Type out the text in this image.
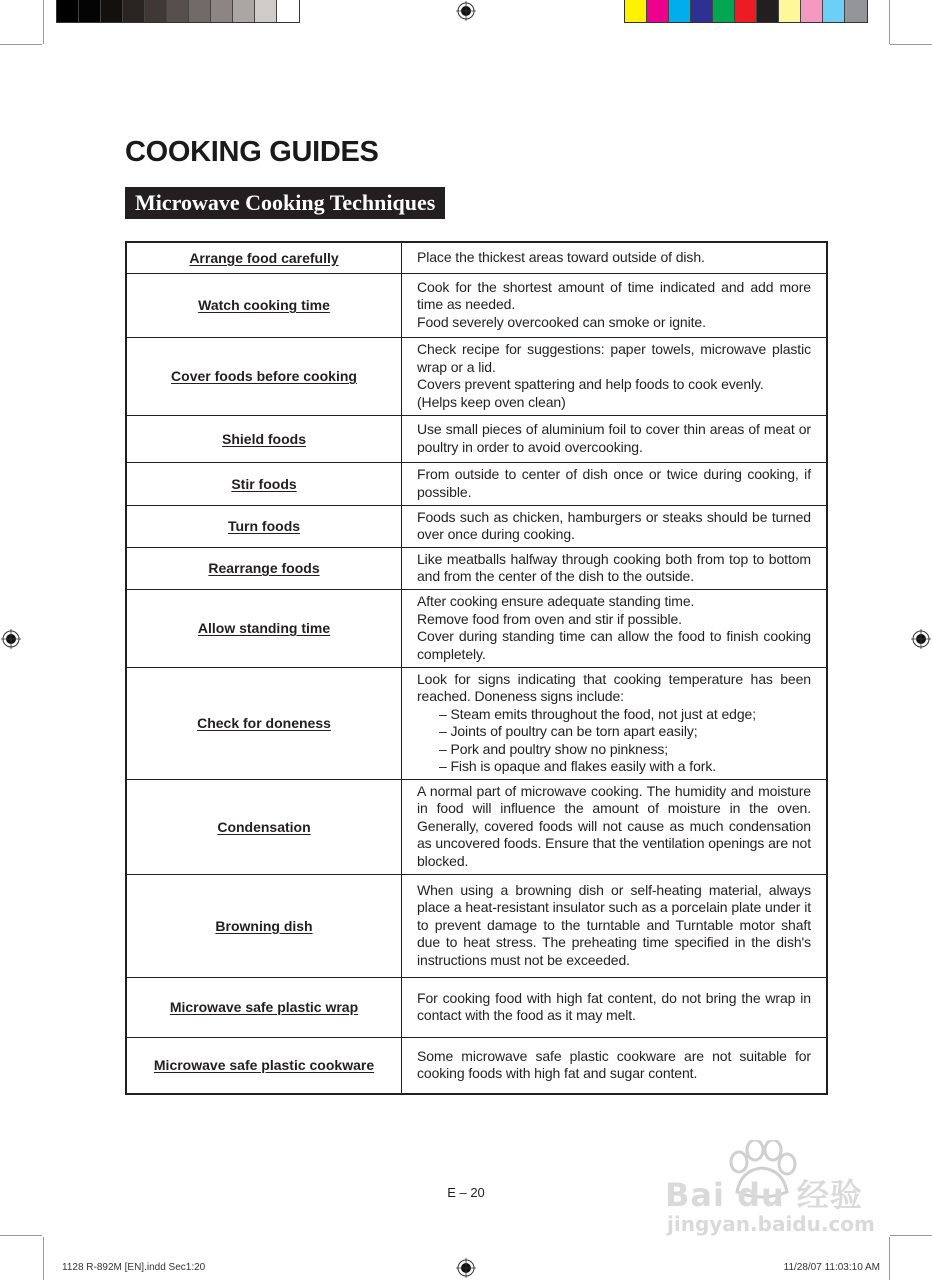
COOKING GUIDES
Microwave Cooking Techniques
Arrange food carefully	Place the thickest areas toward outside of dish.

Watch cooking time	Cook for the shortest amount of time indicated and add more time as needed.
Food severely overcooked can smoke or ignite.

Cover foods before cooking	Check recipe for suggestions: paper towels, microwave plastic wrap or a lid.
Covers prevent spattering and help foods to cook evenly.
(Helps keep oven clean)

Shield foods	Use small pieces of aluminium foil to cover thin areas of meat or poultry in order to avoid overcooking.

Stir foods	From outside to center of dish once or twice during cooking, if possible.

Turn foods	Foods such as chicken, hamburgers or steaks should be turned over once during cooking.

Rearrange foods	Like meatballs halfway through cooking both from top to bottom and from the center of the dish to the outside.

Allow standing time	After cooking ensure adequate standing time.
Remove food from oven and stir if possible.
Cover during standing time can allow the food to finish cooking completely.

Check for doneness	Look for signs indicating that cooking temperature has been reached. Doneness signs include:
– Steam emits throughout the food, not just at edge;
– Joints of poultry can be torn apart easily;
– Pork and poultry show no pinkness;
– Fish is opaque and flakes easily with a fork.

Condensation	A normal part of microwave cooking. The humidity and moisture in food will influence the amount of moisture in the oven. Generally, covered foods will not cause as much condensation as uncovered foods. Ensure that the ventilation openings are not blocked.

Browning dish	When using a browning dish or self-heating material, always place a heat-resistant insulator such as a porcelain plate under it to prevent damage to the turntable and Turntable motor shaft due to heat stress. The preheating time specified in the dish's instructions must not be exceeded.

Microwave safe plastic wrap	For cooking food with high fat content, do not bring the wrap in contact with the food as it may melt.

Microwave safe plastic cookware	Some microwave safe plastic cookware are not suitable for cooking foods with high fat and sugar content.
E – 20	Bai du 经验
jingyan.baidu.com
1128 R-892M [EN].indd Sec1:20	11/28/07 11:03:10 AM
